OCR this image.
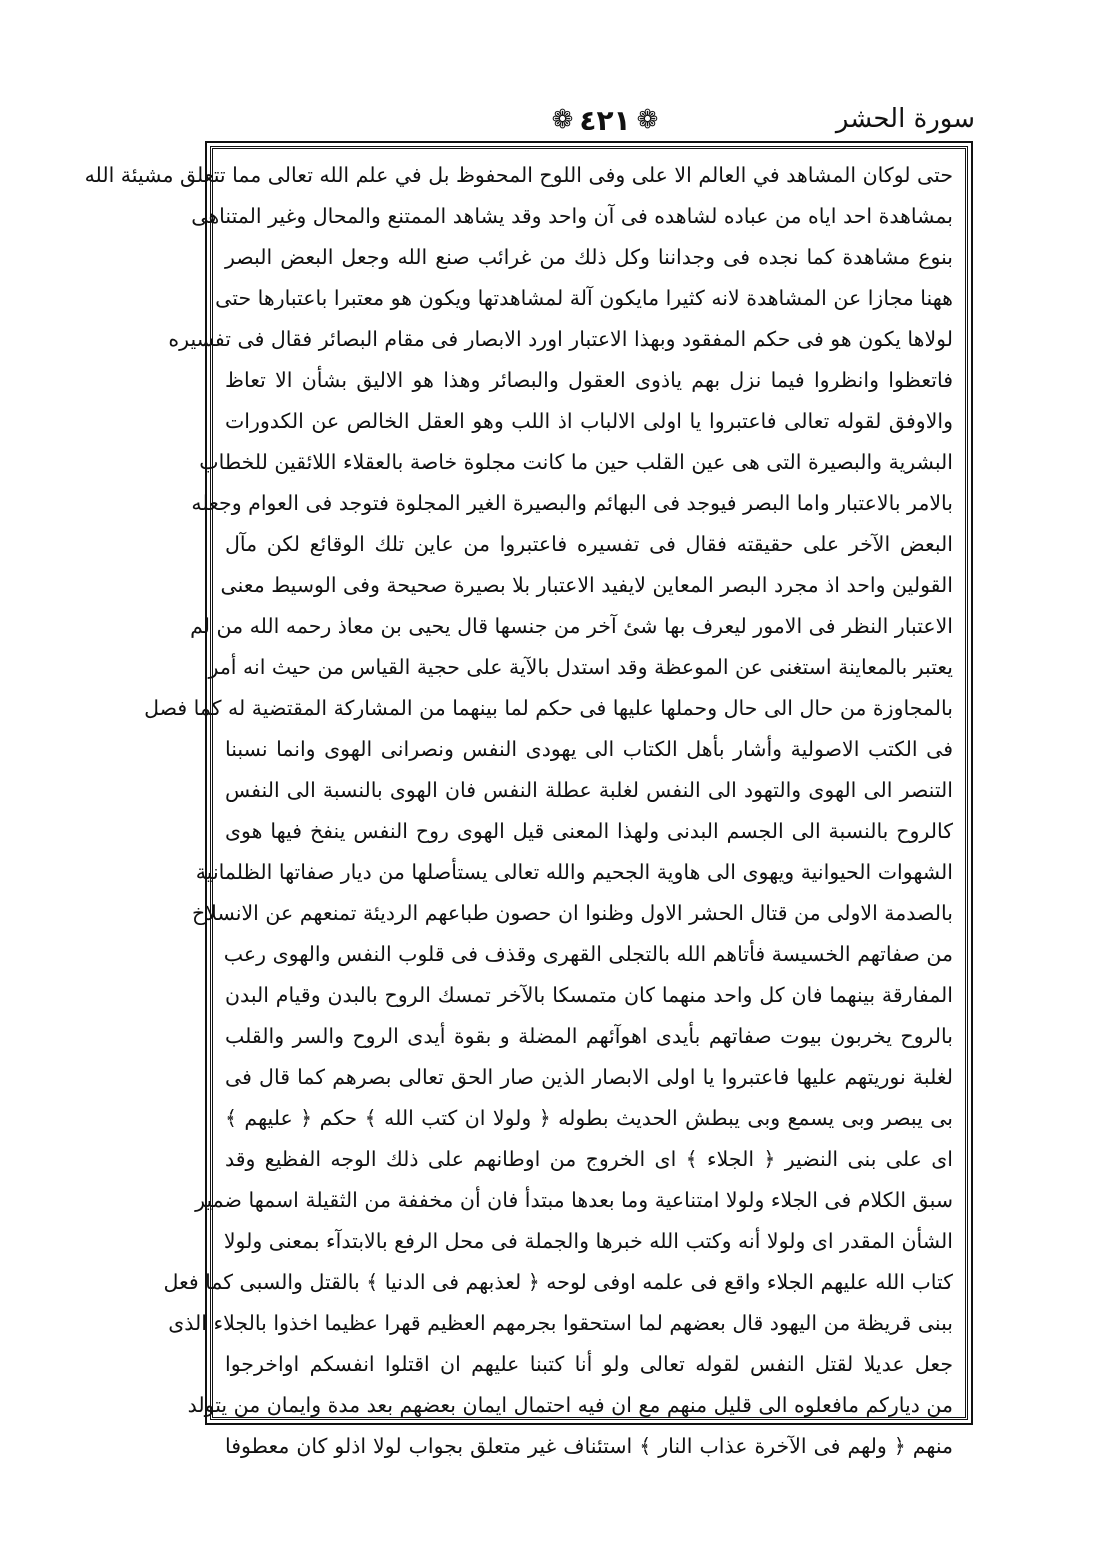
❁ ٤٢١ ❁	سورة الحشر
حتى لوكان المشاهد في العالم الا على وفى اللوح المحفوظ بل في علم الله تعالى مما تتعلق مشيئة الله
بمشاهدة احد اياه من عباده لشاهده فى آن واحد وقد يشاهد الممتنع والمحال وغير المتناهى
بنوع مشاهدة كما نجده فى وجداننا وكل ذلك من غرائب صنع الله وجعل البعض البصر
ههنا مجازا عن المشاهدة لانه كثيرا مايكون آلة لمشاهدتها ويكون هو معتبرا باعتبارها حتى
لولاها يكون هو فى حكم المفقود وبهذا الاعتبار اورد الابصار فى مقام البصائر فقال فى تفسيره
فاتعظوا وانظروا فيما نزل بهم ياذوى العقول والبصائر وهذا هو الاليق بشأن الا تعاظ
والاوفق لقوله تعالى فاعتبروا يا اولى الالباب اذ اللب وهو العقل الخالص عن الكدورات
البشرية والبصيرة التى هى عين القلب حين ما كانت مجلوة خاصة بالعقلاء اللائقين للخطاب
بالامر بالاعتبار واما البصر فيوجد فى البهائم والبصيرة الغير المجلوة فتوجد فى العوام وجعله
البعض الآخر على حقيقته فقال فى تفسيره فاعتبروا من عاين تلك الوقائع لكن مآل
القولين واحد اذ مجرد البصر المعاين لايفيد الاعتبار بلا بصيرة صحيحة وفى الوسيط معنى
الاعتبار النظر فى الامور ليعرف بها شئ آخر من جنسها قال يحيى بن معاذ رحمه الله من لم
يعتبر بالمعاينة استغنى عن الموعظة وقد استدل بالآية على حجية القياس من حيث انه أمر
بالمجاوزة من حال الى حال وحملها عليها فى حكم لما بينهما من المشاركة المقتضية له كما فصل
فى الكتب الاصولية وأشار بأهل الكتاب الى يهودى النفس ونصرانى الهوى وانما نسبنا
التنصر الى الهوى والتهود الى النفس لغلبة عطلة النفس فان الهوى بالنسبة الى النفس
كالروح بالنسبة الى الجسم البدنى ولهذا المعنى قيل الهوى روح النفس ينفخ فيها هوى
الشهوات الحيوانية ويهوى الى هاوية الجحيم والله تعالى يستأصلها من ديار صفاتها الظلمانية
بالصدمة الاولى من قتال الحشر الاول وظنوا ان حصون طباعهم الرديئة تمنعهم عن الانسلاخ
من صفاتهم الخسيسة فأتاهم الله بالتجلى القهرى وقذف فى قلوب النفس والهوى رعب
المفارقة بينهما فان كل واحد منهما كان متمسكا بالآخر تمسك الروح بالبدن وقيام البدن
بالروح يخربون بيوت صفاتهم بأيدى اهوآئهم المضلة و بقوة أيدى الروح والسر والقلب
لغلبة نوريتهم عليها فاعتبروا يا اولى الابصار الذين صار الحق تعالى بصرهم كما قال فى
بى يبصر وبى يسمع وبى يبطش الحديث بطوله ﴿ ولولا ان كتب الله ﴾ حكم ﴿ عليهم ﴾
اى على بنى النضير ﴿ الجلاء ﴾ اى الخروج من اوطانهم على ذلك الوجه الفظيع وقد
سبق الكلام فى الجلاء ولولا امتناعية وما بعدها مبتدأ فان أن مخففة من الثقيلة اسمها ضمير
الشأن المقدر اى ولولا أنه وكتب الله خبرها والجملة فى محل الرفع بالابتدآء بمعنى ولولا
كتاب الله عليهم الجلاء واقع فى علمه اوفى لوحه ﴿ لعذبهم فى الدنيا ﴾ بالقتل والسبى كما فعل
ببنى قريظة من اليهود قال بعضهم لما استحقوا بجرمهم العظيم قهرا عظيما اخذوا بالجلاء الذى
جعل عديلا لقتل النفس لقوله تعالى ولو أنا كتبنا عليهم ان اقتلوا انفسكم اواخرجوا
من دياركم مافعلوه الى قليل منهم مع ان فيه احتمال ايمان بعضهم بعد مدة وايمان من يتولد
منهم ﴿ ولهم فى الآخرة عذاب النار ﴾ استئناف غير متعلق بجواب لولا اذلو كان معطوفا
